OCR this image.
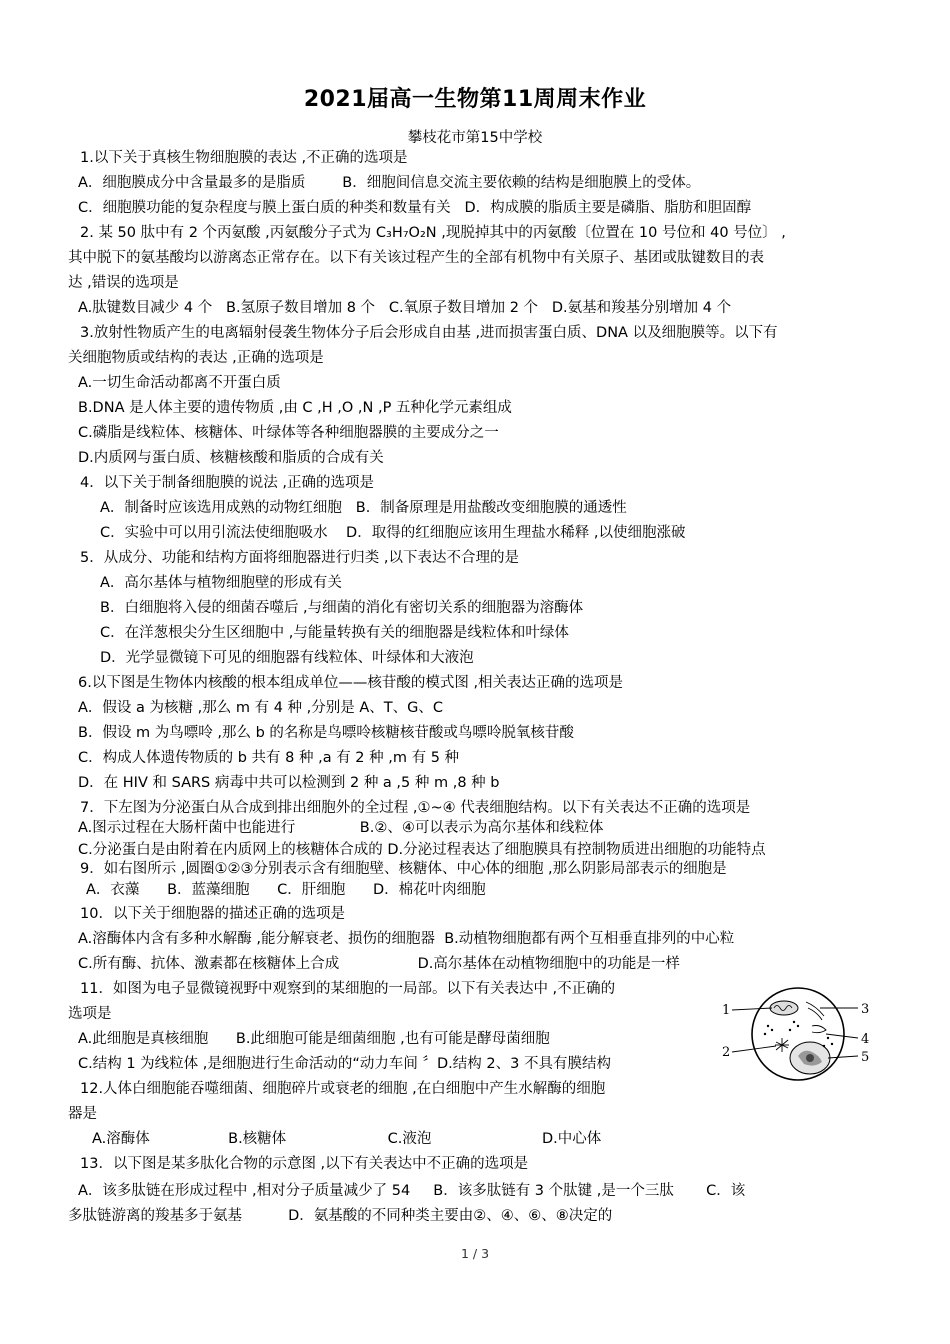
2021届高一生物第11周周末作业
攀枝花市第15中学校
1.以下关于真核生物细胞膜的表达 ,不正确的选项是
A．细胞膜成分中含量最多的是脂质        B．细胞间信息交流主要依赖的结构是细胞膜上的受体。
C．细胞膜功能的复杂程度与膜上蛋白质的种类和数量有关   D．构成膜的脂质主要是磷脂、脂肪和胆固醇
2. 某 50 肽中有 2 个丙氨酸 ,丙氨酸分子式为 C₃H₇O₂N ,现脱掉其中的丙氨酸〔位置在 10 号位和 40 号位〕 ,
其中脱下的氨基酸均以游离态正常存在。以下有关该过程产生的全部有机物中有关原子、基团或肽键数目的表
达 ,错误的选项是
A.肽键数目减少 4 个   B.氢原子数目增加 8 个   C.氧原子数目增加 2 个   D.氨基和羧基分别增加 4 个
3.放射性物质产生的电离辐射侵袭生物体分子后会形成自由基 ,进而损害蛋白质、DNA 以及细胞膜等。以下有
关细胞物质或结构的表达 ,正确的选项是
A.一切生命活动都离不开蛋白质
B.DNA 是人体主要的遗传物质 ,由 C ,H ,O ,N ,P 五种化学元素组成
C.磷脂是线粒体、核糖体、叶绿体等各种细胞器膜的主要成分之一
D.内质网与蛋白质、核糖核酸和脂质的合成有关
4．以下关于制备细胞膜的说法 ,正确的选项是
A．制备时应该选用成熟的动物红细胞   B．制备原理是用盐酸改变细胞膜的通透性
C．实验中可以用引流法使细胞吸水    D．取得的红细胞应该用生理盐水稀释 ,以使细胞涨破
5．从成分、功能和结构方面将细胞器进行归类 ,以下表达不合理的是
A．高尔基体与植物细胞壁的形成有关
B．白细胞将入侵的细菌吞噬后 ,与细菌的消化有密切关系的细胞器为溶酶体
C．在洋葱根尖分生区细胞中 ,与能量转换有关的细胞器是线粒体和叶绿体
D．光学显微镜下可见的细胞器有线粒体、叶绿体和大液泡
6.以下图是生物体内核酸的根本组成单位——核苷酸的模式图 ,相关表达正确的选项是
A．假设 a 为核糖 ,那么 m 有 4 种 ,分别是 A、T、G、C
B．假设 m 为鸟嘌呤 ,那么 b 的名称是鸟嘌呤核糖核苷酸或鸟嘌呤脱氧核苷酸
C．构成人体遗传物质的 b 共有 8 种 ,a 有 2 种 ,m 有 5 种
D．在 HIV 和 SARS 病毒中共可以检测到 2 种 a ,5 种 m ,8 种 b
7．下左图为分泌蛋白从合成到排出细胞外的全过程 ,①~④ 代表细胞结构。以下有关表达不正确的选项是
A.图示过程在大肠杆菌中也能进行              B.②、④可以表示为高尔基体和线粒体
C.分泌蛋白是由附着在内质网上的核糖体合成的 D.分泌过程表达了细胞膜具有控制物质进出细胞的功能特点
9．如右图所示 ,圆圈①②③分别表示含有细胞壁、核糖体、中心体的细胞 ,那么阴影局部表示的细胞是
A．衣藻      B．蓝藻细胞      C．肝细胞      D．棉花叶肉细胞
10．以下关于细胞器的描述正确的选项是
A.溶酶体内含有多种水解酶 ,能分解衰老、损伤的细胞器  B.动植物细胞都有两个互相垂直排列的中心粒
C.所有酶、抗体、激素都在核糖体上合成                 D.高尔基体在动植物细胞中的功能是一样
11．如图为电子显微镜视野中观察到的某细胞的一局部。以下有关表达中 ,不正确的
选项是
A.此细胞是真核细胞      B.此细胞可能是细菌细胞 ,也有可能是酵母菌细胞
C.结构 1 为线粒体 ,是细胞进行生命活动的“动力车间 〞D.结构 2、3 不具有膜结构
12.人体白细胞能吞噬细菌、细胞碎片或衰老的细胞 ,在白细胞中产生水解酶的细胞
器是
A.溶酶体                 B.核糖体                      C.液泡                        D.中心体
13．以下图是某多肽化合物的示意图 ,以下有关表达中不正确的选项是
A．该多肽链在形成过程中 ,相对分子质量减少了 54     B．该多肽链有 3 个肽键 ,是一个三肽       C．该
多肽链游离的羧基多于氨基          D．氨基酸的不同种类主要由②、④、⑥、⑧决定的
1
2
3
4
5
1 / 3
